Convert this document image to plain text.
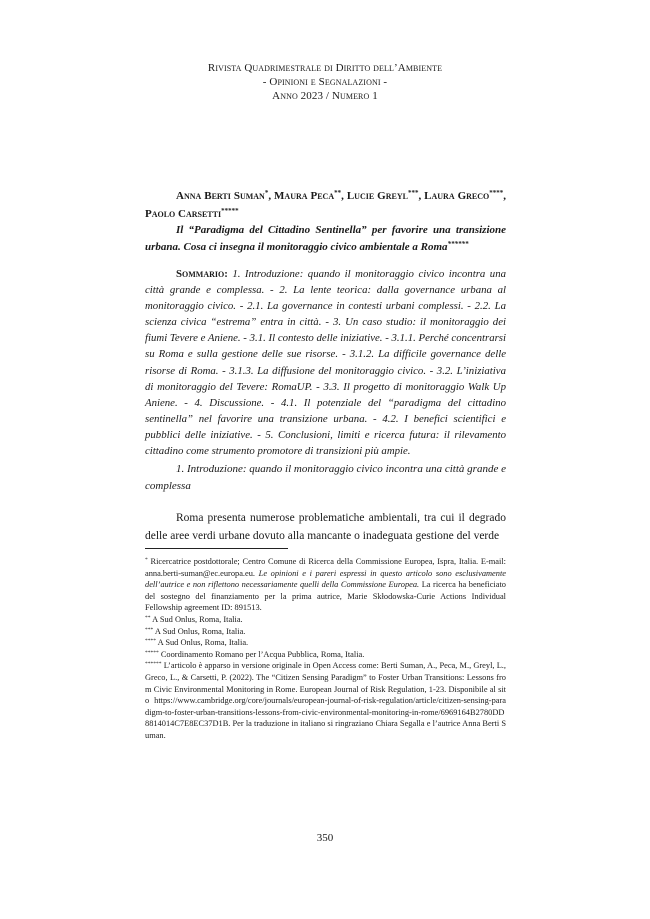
Rivista Quadrimestrale di Diritto dell’Ambiente
- Opinioni e Segnalazioni -
Anno 2023 / Numero 1
Anna Berti Suman*, Maura Peca**, Lucie Greyl***, Laura Greco****, Paolo Carsetti*****
Il “Paradigma del Cittadino Sentinella” per favorire una transizione urbana. Cosa ci insegna il monitoraggio civico ambientale a Roma******
Sommario: 1. Introduzione: quando il monitoraggio civico incontra una città grande e complessa. - 2. La lente teorica: dalla governance urbana al monitoraggio civico. - 2.1. La governance in contesti urbani complessi. - 2.2. La scienza civica “estrema” entra in città. - 3. Un caso studio: il monitoraggio dei fiumi Tevere e Aniene. - 3.1. Il contesto delle iniziative. - 3.1.1. Perché concentrarsi su Roma e sulla gestione delle sue risorse. - 3.1.2. La difficile governance delle risorse di Roma. - 3.1.3. La diffusione del monitoraggio civico. - 3.2. L’iniziativa di monitoraggio del Tevere: RomaUP. - 3.3. Il progetto di monitoraggio Walk Up Aniene. - 4. Discussione. - 4.1. Il potenziale del “paradigma del cittadino sentinella” nel favorire una transizione urbana. - 4.2. I benefici scientifici e pubblici delle iniziative. - 5. Conclusioni, limiti e ricerca futura: il rilevamento cittadino come strumento promotore di transizioni più ampie.
1. Introduzione: quando il monitoraggio civico incontra una città grande e complessa
Roma presenta numerose problematiche ambientali, tra cui il degrado delle aree verdi urbane dovuto alla mancante o inadeguata gestione del verde

* Ricercatrice postdottorale; Centro Comune di Ricerca della Commissione Europea, Ispra, Italia. E-mail: anna.berti-suman@ec.europa.eu. Le opinioni e i pareri espressi in questo articolo sono esclusivamente dell’autrice e non riflettono necessariamente quelli della Commissione Europea. La ricerca ha beneficiato del sostegno del finanziamento per la prima autrice, Marie Skłodowska-Curie Actions Individual Fellowship agreement ID: 891513.

** A Sud Onlus, Roma, Italia.

*** A Sud Onlus, Roma, Italia.

**** A Sud Onlus, Roma, Italia.

***** Coordinamento Romano per l’Acqua Pubblica, Roma, Italia.

****** L’articolo è apparso in versione originale in Open Access come: Berti Suman, A., Peca, M., Greyl, L., Greco, L., & Carsetti, P. (2022). The “Citizen Sensing Paradigm” to Foster Urban Transitions: Lessons from Civic Environmental Monitoring in Rome. European Journal of Risk Regulation, 1-23. Disponibile al sito https://www.cambridge.org/core/journals/european-journal-of-risk-regulation/article/citizen-sensing-paradigm-to-foster-urban-transitions-lessons-from-civic-environmental-monitoring-in-rome/6969164B2780DD8814014C7E8EC37D1B. Per la traduzione in italiano si ringraziano Chiara Segalla e l’autrice Anna Berti Suman.

350
